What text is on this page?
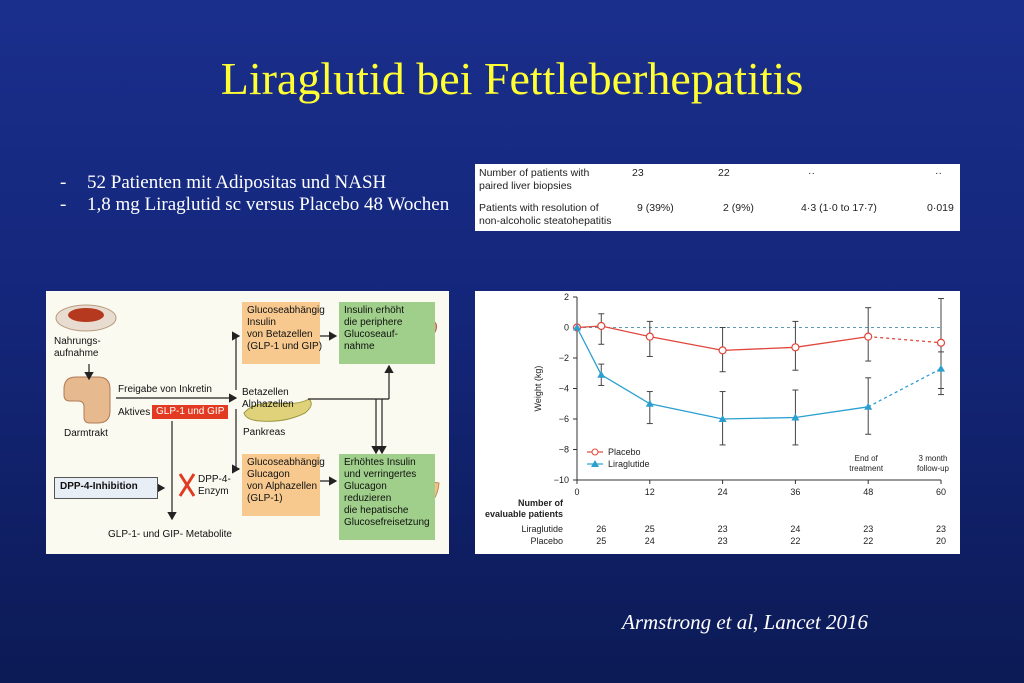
Liraglutid bei Fettleberhepatitis
-	52 Patienten mit Adipositas und NASH
-	1,8 mg Liraglutid sc versus Placebo 48 Wochen
Number of patients with
paired liver biopsies
23	22	··	··
Patients with resolution of
non-alcoholic steatohepatitis
9 (39%)	2 (9%)	4·3 (1·0 to 17·7)	0·019
Nahrungs-
aufnahme
Darmtrakt
Freigabe von Inkretin
Aktives GLP-1 und GIP
Betazellen
Alphazellen
Pankreas
Glucoseabhängig
Insulin
von Betazellen
(GLP-1 und GIP)
Insulin erhöht
die periphere
Glucoseauf-
nahme
Glucoseabhängig
Glucagon
von Alphazellen
(GLP-1)
Erhöhtes Insulin
und verringertes
Glucagon
reduzieren
die hepatische
Glucosefreisetzung
DPP-4-Inhibition
DPP-4-
Enzym
GLP-1- und GIP- Metabolite
2
0
−2
−4
−6
−8
−10
0	12	24	36	48	60
Weight (kg)
Placebo
Liraglutide
End of
treatment
3 month
follow-up
Number of
evaluable patients
Liraglutide	26	25	23	24	23	23
Placebo	25	24	23	22	22	20
Armstrong et al, Lancet 2016
